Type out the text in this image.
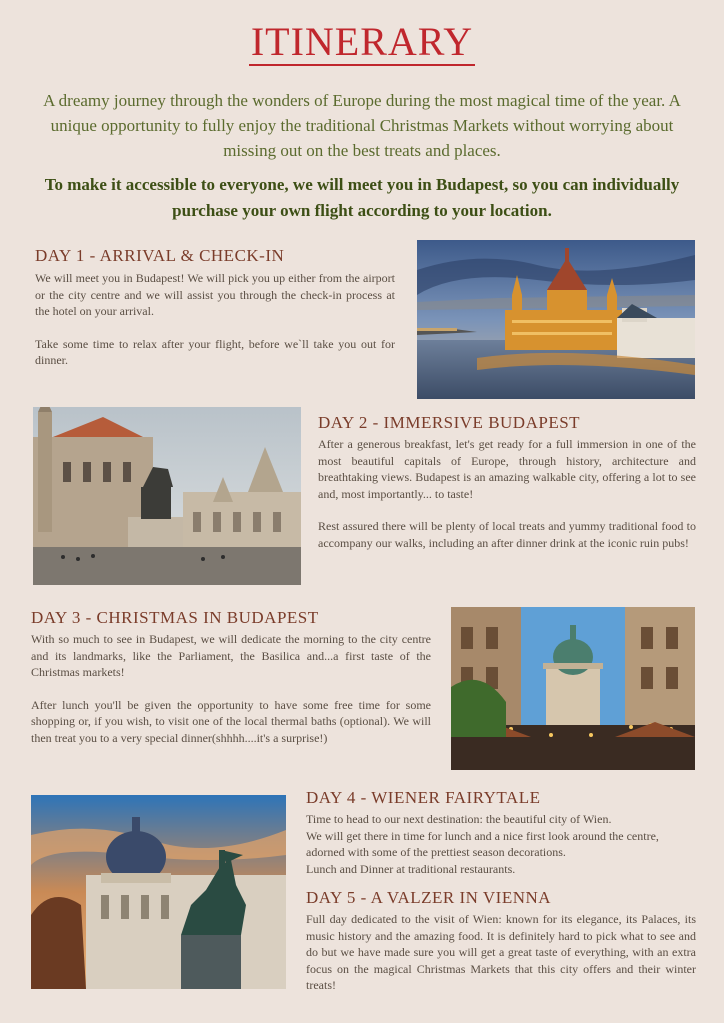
ITINERARY
A dreamy journey through the wonders of Europe during the most magical time of the year. A unique opportunity to fully enjoy the traditional Christmas Markets without worrying about missing out on the best treats and places.
To make it accessible to everyone, we will meet you in Budapest, so you can individually purchase your own flight according to your location.
DAY 1 - ARRIVAL & CHECK-IN

We will meet you in Budapest! We will pick you up either from the airport or the city centre and we will assist you through the check-in process at the hotel on your arrival.

Take some time to relax after your flight, before we`ll take you out for dinner.

DAY 2 - IMMERSIVE BUDAPEST

After a generous breakfast, let's get ready for a full immersion in one of the most beautiful capitals of Europe, through history, architecture and breathtaking views. Budapest is an amazing walkable city, offering a lot to see and, most importantly... to taste!

Rest assured there will be plenty of local treats and yummy traditional food to accompany our walks, including an after dinner drink at the iconic ruin pubs!

DAY 3 - CHRISTMAS IN BUDAPEST

With so much to see in Budapest, we will dedicate the morning to the city centre and its landmarks, like the Parliament, the Basilica and...a first taste of the Christmas markets!

After lunch you'll be given the opportunity to have some free time for some shopping or, if you wish, to visit one of the local thermal baths (optional). We will then treat you to a very special dinner(shhhh....it's a surprise!)

DAY 4 - WIENER FAIRYTALE
Time to head to our next destination: the beautiful city of Wien.
We will get there in time for lunch and a nice first look around the centre, adorned with some of the prettiest season decorations.
Lunch and Dinner at traditional restaurants.
DAY 5 - A VALZER IN VIENNA

Full day dedicated to the visit of Wien: known for its elegance, its Palaces, its music history and the amazing food. It is definitely hard to pick what to see and do but we have made sure you will get a great taste of everything, with an extra focus on the magical Christmas Markets that this city offers and their winter treats!
